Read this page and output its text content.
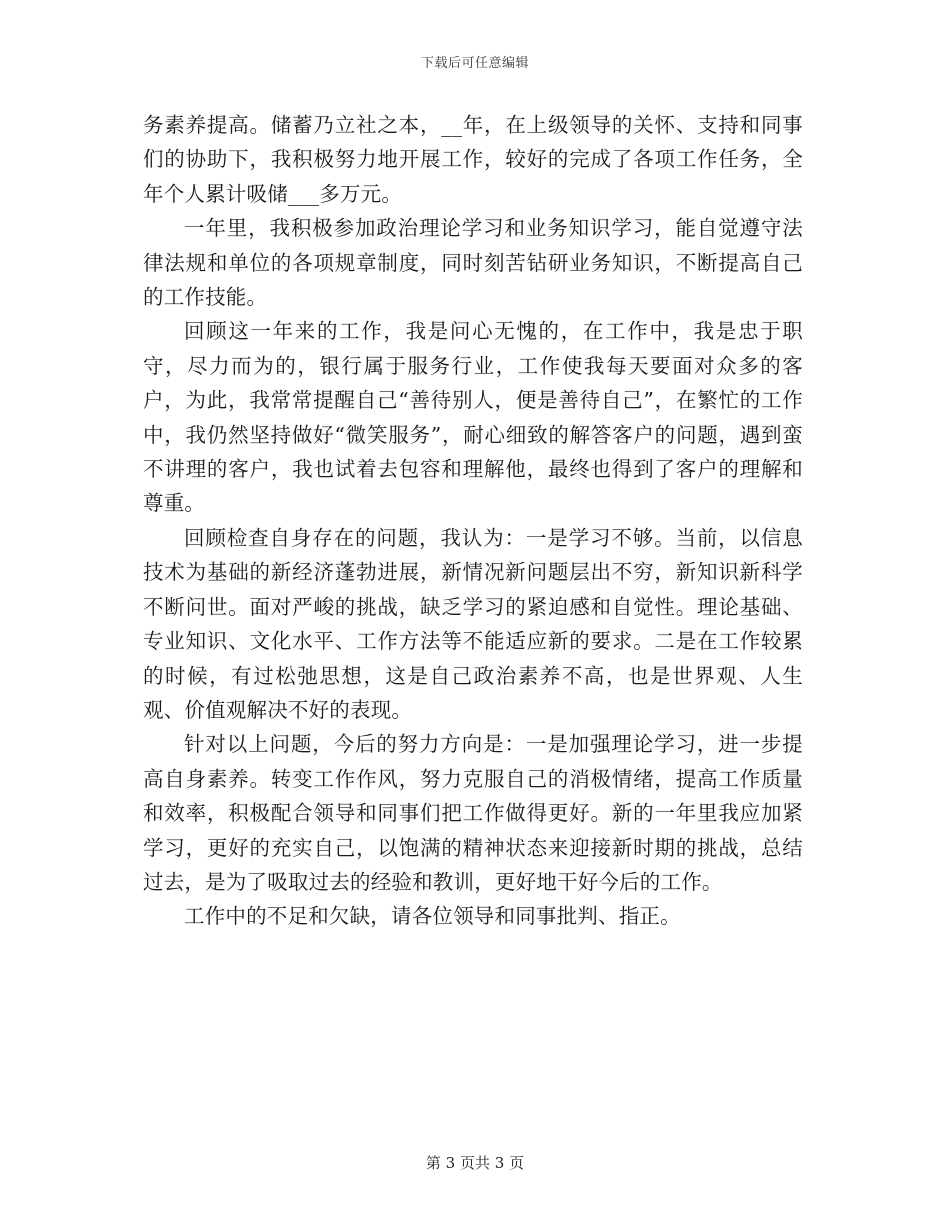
下载后可任意编辑

务素养提高。储蓄乃立社之本，__年，在上级领导的关怀、支持和同事们的协助下，我积极努力地开展工作，较好的完成了各项工作任务，全年个人累计吸储___多万元。

一年里，我积极参加政治理论学习和业务知识学习，能自觉遵守法律法规和单位的各项规章制度，同时刻苦钻研业务知识，不断提高自己的工作技能。

回顾这一年来的工作，我是问心无愧的，在工作中，我是忠于职守，尽力而为的，银行属于服务行业，工作使我每天要面对众多的客户，为此，我常常提醒自己“善待别人，便是善待自己”，在繁忙的工作中，我仍然坚持做好“微笑服务”，耐心细致的解答客户的问题，遇到蛮不讲理的客户，我也试着去包容和理解他，最终也得到了客户的理解和尊重。

回顾检查自身存在的问题，我认为：一是学习不够。当前，以信息技术为基础的新经济蓬勃进展，新情况新问题层出不穷，新知识新科学不断问世。面对严峻的挑战，缺乏学习的紧迫感和自觉性。理论基础、专业知识、文化水平、工作方法等不能适应新的要求。二是在工作较累的时候，有过松弛思想，这是自己政治素养不高，也是世界观、人生观、价值观解决不好的表现。

针对以上问题，今后的努力方向是：一是加强理论学习，进一步提高自身素养。转变工作作风，努力克服自己的消极情绪，提高工作质量和效率，积极配合领导和同事们把工作做得更好。新的一年里我应加紧学习，更好的充实自己，以饱满的精神状态来迎接新时期的挑战，总结过去，是为了吸取过去的经验和教训，更好地干好今后的工作。

工作中的不足和欠缺，请各位领导和同事批判、指正。

第 3 页共 3 页
